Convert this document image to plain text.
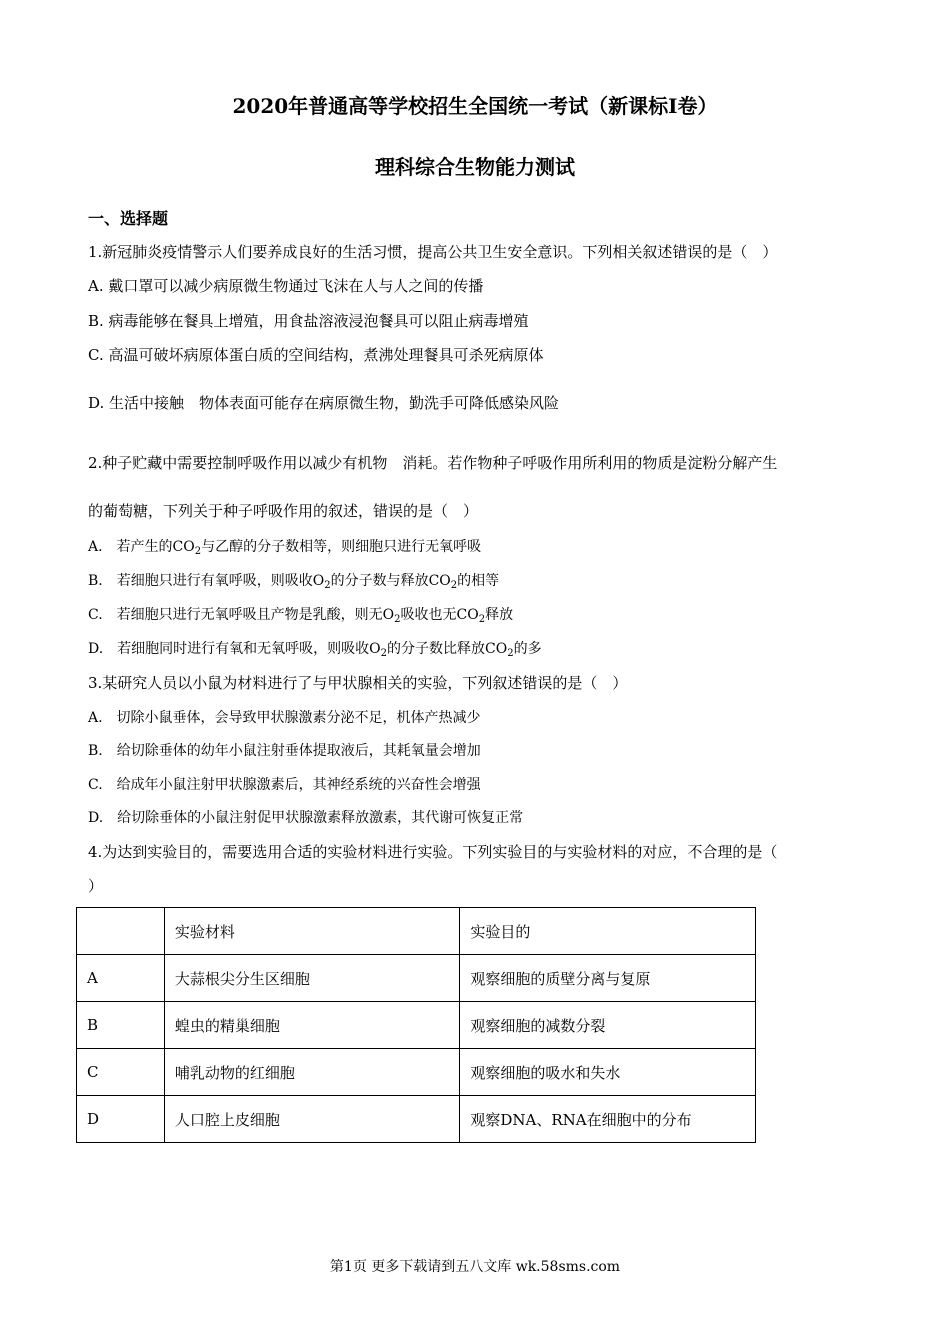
2020年普通高等学校招生全国统一考试（新课标Ⅰ卷）
理科综合生物能力测试
一、选择题
1.新冠肺炎疫情警示人们要养成良好的生活习惯，提高公共卫生安全意识。下列相关叙述错误的是（　）
A. 戴口罩可以减少病原微生物通过飞沫在人与人之间的传播
B. 病毒能够在餐具上增殖，用食盐溶液浸泡餐具可以阻止病毒增殖
C. 高温可破坏病原体蛋白质的空间结构，煮沸处理餐具可杀死病原体
D. 生活中接触　物体表面可能存在病原微生物，勤洗手可降低感染风险
2.种子贮藏中需要控制呼吸作用以减少有机物　消耗。若作物种子呼吸作用所利用的物质是淀粉分解产生
的葡萄糖，下列关于种子呼吸作用的叙述，错误的是（　）
A.　若产生的$CO_2$与乙醇的分子数相等，则细胞只进行无氧呼吸
B.　若细胞只进行有氧呼吸，则吸收$O_2$的分子数与释放$CO_2$的相等
C.　若细胞只进行无氧呼吸且产物是乳酸，则无$O_2$吸收也无$CO_2$释放
D.　若细胞同时进行有氧和无氧呼吸，则吸收$O_2$的分子数比释放$CO_2$的多
3.某研究人员以小鼠为材料进行了与甲状腺相关的实验，下列叙述错误的是（　）
A.　切除小鼠垂体，会导致甲状腺激素分泌不足，机体产热减少
B.　给切除垂体的幼年小鼠注射垂体提取液后，其耗氧量会增加
C.　给成年小鼠注射甲状腺激素后，其神经系统的兴奋性会增强
D.　给切除垂体的小鼠注射促甲状腺激素释放激素，其代谢可恢复正常
4.为达到实验目的，需要选用合适的实验材料进行实验。下列实验目的与实验材料的对应，不合理的是（
）
	实验材料	实验目的
A	大蒜根尖分生区细胞	观察细胞的质壁分离与复原
B	蝗虫的精巢细胞	观察细胞的减数分裂
C	哺乳动物的红细胞	观察细胞的吸水和失水
D	人口腔上皮细胞	观察DNA、RNA在细胞中的分布
第1页 更多下载请到五八文库 wk.58sms.com
